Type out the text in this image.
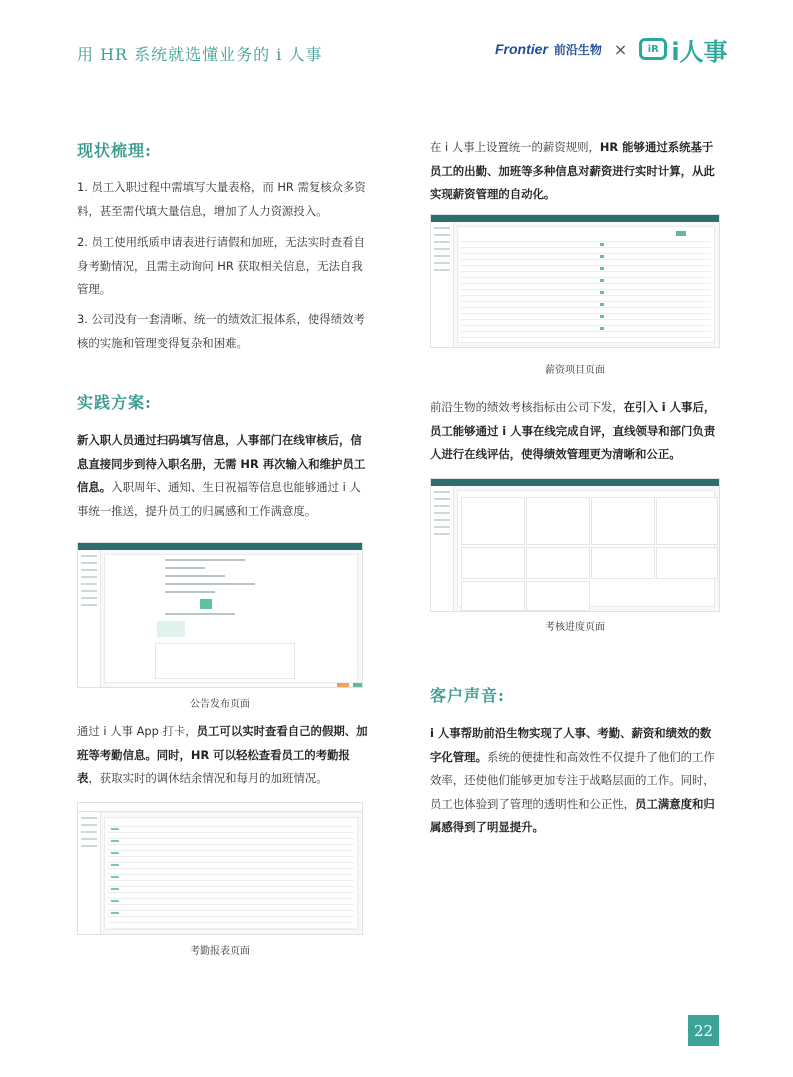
用 HR 系统就选懂业务的 i 人事	Frontier 前沿生物 ×	iR i人事
现状梳理:
1. 员工入职过程中需填写大量表格，而 HR 需复核众多资料，甚至需代填大量信息，增加了人力资源投入。
2. 员工使用纸质申请表进行请假和加班，无法实时查看自身考勤情况，且需主动询问 HR 获取相关信息，无法自我管理。
3. 公司没有一套清晰、统一的绩效汇报体系，使得绩效考核的实施和管理变得复杂和困难。
实践方案:
新入职人员通过扫码填写信息，人事部门在线审核后，信息直接同步到待入职名册，无需 HR 再次输入和维护员工信息。入职周年、通知、生日祝福等信息也能够通过 i 人事统一推送，提升员工的归属感和工作满意度。
公告发布页面
通过 i 人事 App 打卡，员工可以实时查看自己的假期、加班等考勤信息。同时，HR 可以轻松查看员工的考勤报表，获取实时的调休结余情况和每月的加班情况。
考勤报表页面
在 i 人事上设置统一的薪资规则，HR 能够通过系统基于员工的出勤、加班等多种信息对薪资进行实时计算，从此实现薪资管理的自动化。
薪资项目页面
前沿生物的绩效考核指标由公司下发，在引入 i 人事后，员工能够通过 i 人事在线完成自评，直线领导和部门负责人进行在线评估，使得绩效管理更为清晰和公正。
考核进度页面
客户声音:
i 人事帮助前沿生物实现了人事、考勤、薪资和绩效的数字化管理。系统的便捷性和高效性不仅提升了他们的工作效率，还使他们能够更加专注于战略层面的工作。同时，员工也体验到了管理的透明性和公正性，员工满意度和归属感得到了明显提升。
22
